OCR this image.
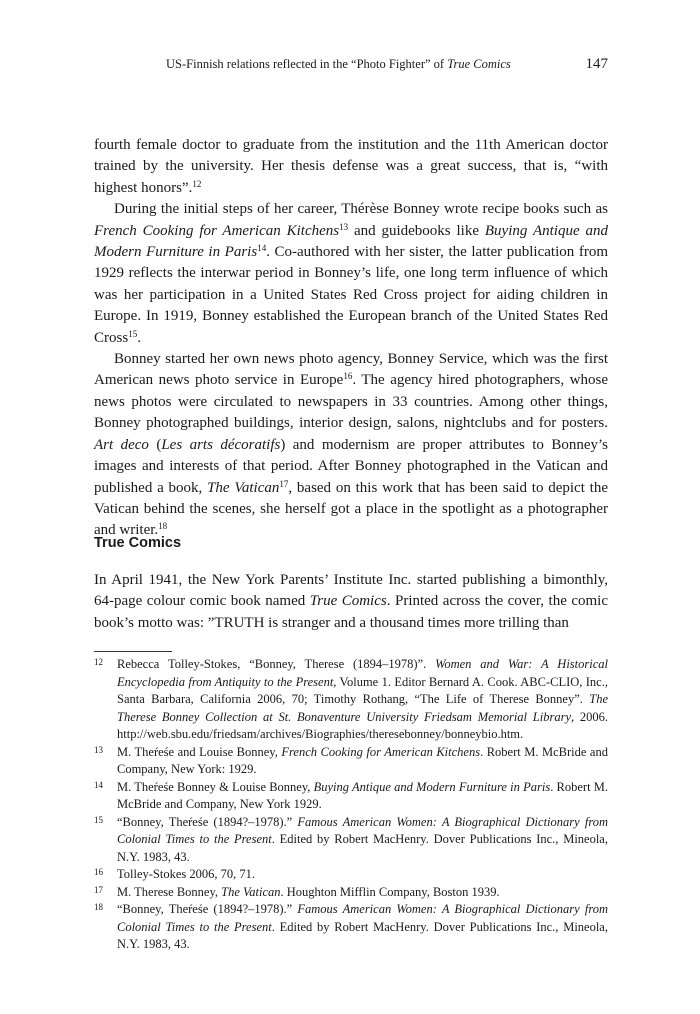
US-Finnish relations reflected in the “Photo Fighter” of True Comics	147

fourth female doctor to graduate from the institution and the 11th American doctor trained by the university. Her thesis defense was a great success, that is, “with highest honors”.$^{12}$

During the initial steps of her career, Thérèse Bonney wrote recipe books such as French Cooking for American Kitchens$^{13}$ and guidebooks like Buying Antique and Modern Furniture in Paris$^{14}$. Co-authored with her sister, the latter publication from 1929 reflects the interwar period in Bonney’s life, one long term influence of which was her participation in a United States Red Cross project for aiding children in Europe. In 1919, Bonney established the European branch of the United States Red Cross$^{15}$.

Bonney started her own news photo agency, Bonney Service, which was the first American news photo service in Europe$^{16}$. The agency hired photographers, whose news photos were circulated to newspapers in 33 countries. Among other things, Bonney photographed buildings, interior design, salons, nightclubs and for posters. Art deco (Les arts décoratifs) and modernism are proper attributes to Bonney’s images and interests of that period. After Bonney photographed in the Vatican and published a book, The Vatican$^{17}$, based on this work that has been said to depict the Vatican behind the scenes, she herself got a place in the spotlight as a photographer and writer.$^{18}$

True Comics

In April 1941, the New York Parents’ Institute Inc. started publishing a bimonthly, 64-page colour comic book named True Comics. Printed across the cover, the comic book’s motto was: ”TRUTH is stranger and a thousand times more trilling than

12 Rebecca Tolley-Stokes, “Bonney, Therese (1894–1978)”. Women and War: A Historical Encyclopedia from Antiquity to the Present, Volume 1. Editor Bernard A. Cook. ABC-CLIO, Inc., Santa Barbara, California 2006, 70; Timothy Rothang, “The Life of Therese Bonney”. The Therese Bonney Collection at St. Bonaventure University Friedsam Memorial Library, 2006. http://web.sbu.edu/friedsam/archives/Biographies/theresebonney/bonneybio.htm.
13 M. Theŕeśe and Louise Bonney, French Cooking for American Kitchens. Robert M. McBride and Company, New York: 1929.
14 M. Theŕeśe Bonney & Louise Bonney, Buying Antique and Modern Furniture in Paris. Robert M. McBride and Company, New York 1929.
15 “Bonney, Theŕeśe (1894?–1978).” Famous American Women: A Biographical Dictionary from Colonial Times to the Present. Edited by Robert MacHenry. Dover Publications Inc., Mineola, N.Y. 1983, 43.
16 Tolley-Stokes 2006, 70, 71.
17 M. Therese Bonney, The Vatican. Houghton Mifflin Company, Boston 1939.
18 “Bonney, Theŕeśe (1894?–1978).” Famous American Women: A Biographical Dictionary from Colonial Times to the Present. Edited by Robert MacHenry. Dover Publications Inc., Mineola, N.Y. 1983, 43.
